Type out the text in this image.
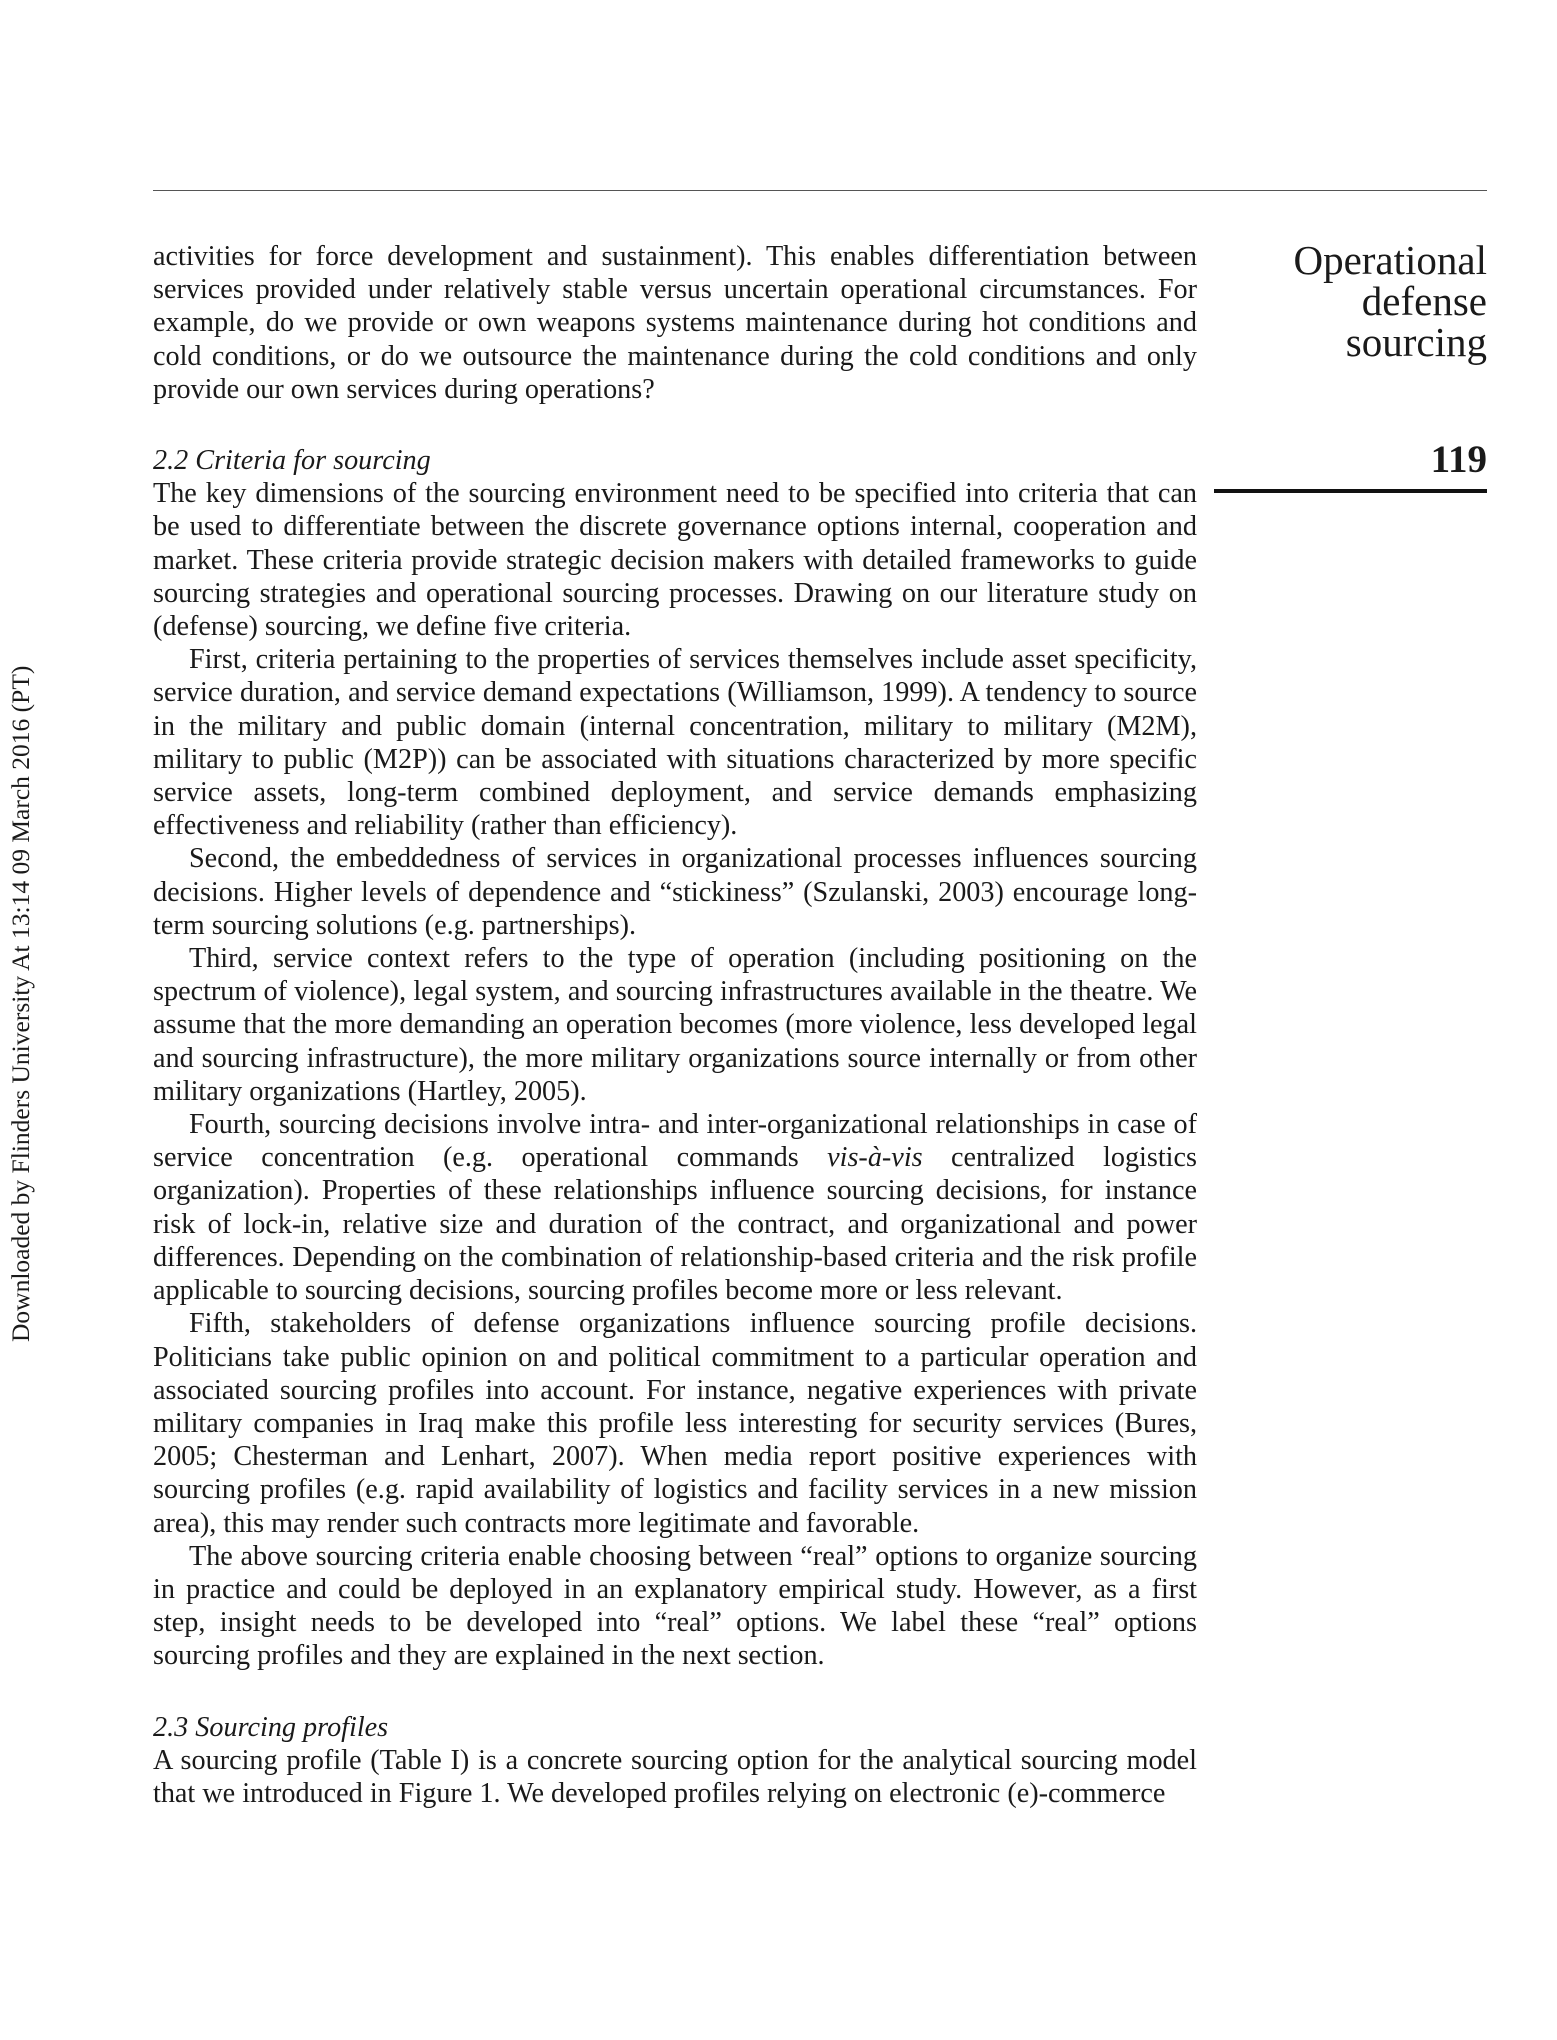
Operational
defense
sourcing
119
Downloaded by Flinders University At 13:14 09 March 2016 (PT)

activities for force development and sustainment). This enables differentiation between services provided under relatively stable versus uncertain operational circumstances. For example, do we provide or own weapons systems maintenance during hot conditions and cold conditions, or do we outsource the maintenance during the cold conditions and only provide our own services during operations?

2.2 Criteria for sourcing

The key dimensions of the sourcing environment need to be specified into criteria that can be used to differentiate between the discrete governance options internal, cooperation and market. These criteria provide strategic decision makers with detailed frameworks to guide sourcing strategies and operational sourcing processes. Drawing on our literature study on (defense) sourcing, we define five criteria.

First, criteria pertaining to the properties of services themselves include asset specificity, service duration, and service demand expectations (Williamson, 1999). A tendency to source in the military and public domain (internal concentration, military to military (M2M), military to public (M2P)) can be associated with situations characterized by more specific service assets, long-term combined deployment, and service demands emphasizing effectiveness and reliability (rather than efficiency).

Second, the embeddedness of services in organizational processes influences sourcing decisions. Higher levels of dependence and “stickiness” (Szulanski, 2003) encourage long-term sourcing solutions (e.g. partnerships).

Third, service context refers to the type of operation (including positioning on the spectrum of violence), legal system, and sourcing infrastructures available in the theatre. We assume that the more demanding an operation becomes (more violence, less developed legal and sourcing infrastructure), the more military organizations source internally or from other military organizations (Hartley, 2005).

Fourth, sourcing decisions involve intra- and inter-organizational relationships in case of service concentration (e.g. operational commands vis-à-vis centralized logistics organization). Properties of these relationships influence sourcing decisions, for instance risk of lock-in, relative size and duration of the contract, and organizational and power differences. Depending on the combination of relationship-based criteria and the risk profile applicable to sourcing decisions, sourcing profiles become more or less relevant.

Fifth, stakeholders of defense organizations influence sourcing profile decisions. Politicians take public opinion on and political commitment to a particular operation and associated sourcing profiles into account. For instance, negative experiences with private military companies in Iraq make this profile less interesting for security services (Bures, 2005; Chesterman and Lenhart, 2007). When media report positive experiences with sourcing profiles (e.g. rapid availability of logistics and facility services in a new mission area), this may render such contracts more legitimate and favorable.

The above sourcing criteria enable choosing between “real” options to organize sourcing in practice and could be deployed in an explanatory empirical study. However, as a first step, insight needs to be developed into “real” options. We label these “real” options sourcing profiles and they are explained in the next section.

2.3 Sourcing profiles

A sourcing profile (Table I) is a concrete sourcing option for the analytical sourcing model that we introduced in Figure 1. We developed profiles relying on electronic (e)-commerce
